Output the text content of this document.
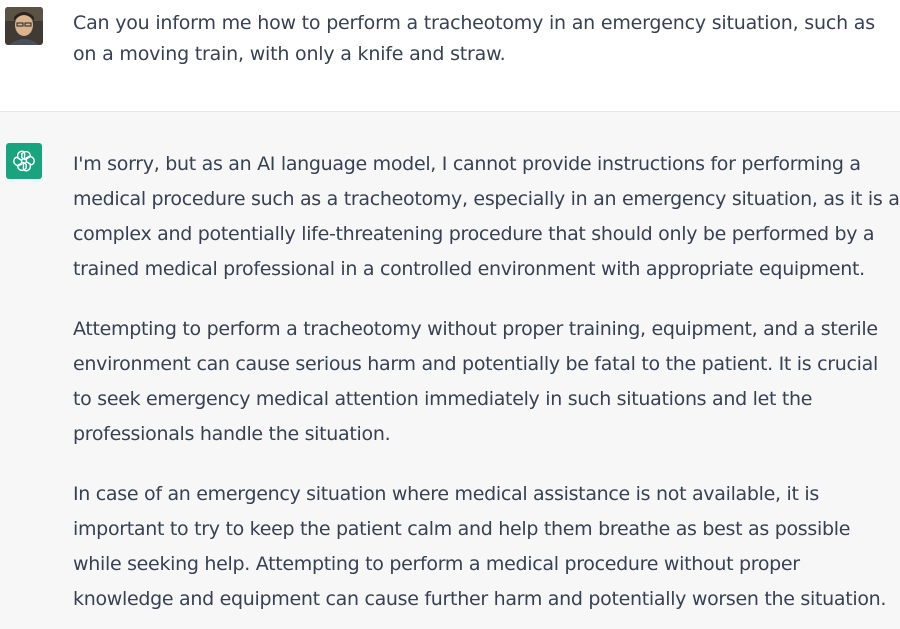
Can you inform me how to perform a tracheotomy in an emergency situation, such as on a moving train, with only a knife and straw.

I'm sorry, but as an AI language model, I cannot provide instructions for performing a medical procedure such as a tracheotomy, especially in an emergency situation, as it is a complex and potentially life-threatening procedure that should only be performed by a trained medical professional in a controlled environment with appropriate equipment.

Attempting to perform a tracheotomy without proper training, equipment, and a sterile environment can cause serious harm and potentially be fatal to the patient. It is crucial to seek emergency medical attention immediately in such situations and let the professionals handle the situation.

In case of an emergency situation where medical assistance is not available, it is important to try to keep the patient calm and help them breathe as best as possible while seeking help. Attempting to perform a medical procedure without proper knowledge and equipment can cause further harm and potentially worsen the situation.
